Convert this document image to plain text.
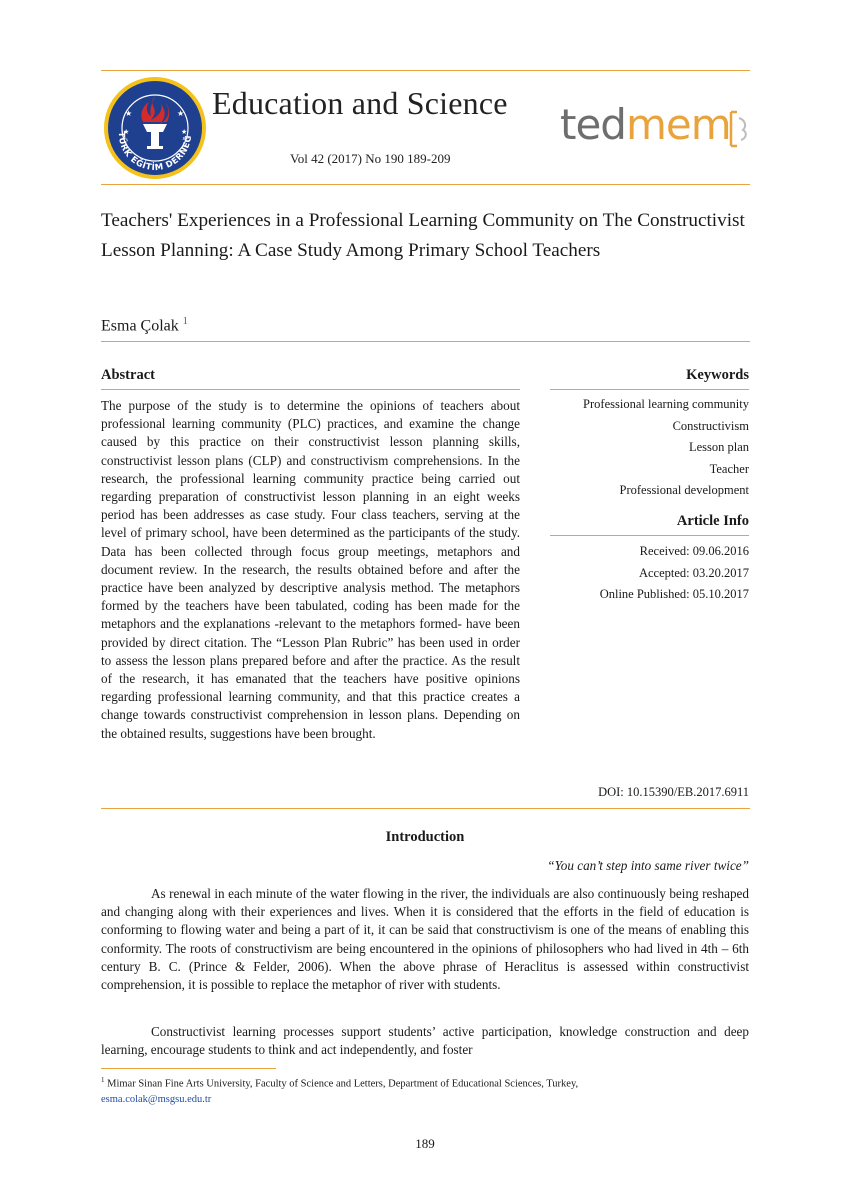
★	★
★	★
TÜRK EĞİTİM DERNEĞ
Education and Science
Vol 42 (2017) No 190 189-209
tedmem
Teachers' Experiences in a Professional Learning Community on The Constructivist Lesson Planning: A Case Study Among Primary School Teachers
Esma Çolak $^1$
Abstract
The purpose of the study is to determine the opinions of teachers about professional learning community (PLC) practices, and examine the change caused by this practice on their constructivist lesson planning skills, constructivist lesson plans (CLP) and constructivism comprehensions. In the research, the professional learning community practice being carried out regarding preparation of constructivist lesson planning in an eight weeks period has been addresses as case study. Four class teachers, serving at the level of primary school, have been determined as the participants of the study. Data has been collected through focus group meetings, metaphors and document review. In the research, the results obtained before and after the practice have been analyzed by descriptive analysis method. The metaphors formed by the teachers have been tabulated, coding has been made for the metaphors and the explanations -relevant to the metaphors formed- have been provided by direct citation. The “Lesson Plan Rubric” has been used in order to assess the lesson plans prepared before and after the practice. As the result of the research, it has emanated that the teachers have positive opinions regarding professional learning community, and that this practice creates a change towards constructivist comprehension in lesson plans. Depending on the obtained results, suggestions have been brought.
Keywords
Professional learning community
Constructivism
Lesson plan
Teacher
Professional development
Article Info
Received: 09.06.2016
Accepted: 03.20.2017
Online Published: 05.10.2017
DOI: 10.15390/EB.2017.6911
Introduction
“You can’t step into same river twice”
As renewal in each minute of the water flowing in the river, the individuals are also continuously being reshaped and changing along with their experiences and lives. When it is considered that the efforts in the field of education is conforming to flowing water and being a part of it, it can be said that constructivism is one of the means of enabling this conformity. The roots of constructivism are being encountered in the opinions of philosophers who had lived in 4th – 6th century B. C. (Prince & Felder, 2006). When the above phrase of Heraclitus is assessed within constructivist comprehension, it is possible to replace the metaphor of river with students.
Constructivist learning processes support students’ active participation, knowledge construction and deep learning, encourage students to think and act independently, and foster
$^1$ Mimar Sinan Fine Arts University, Faculty of Science and Letters, Department of Educational Sciences, Turkey,
esma.colak@msgsu.edu.tr
189
